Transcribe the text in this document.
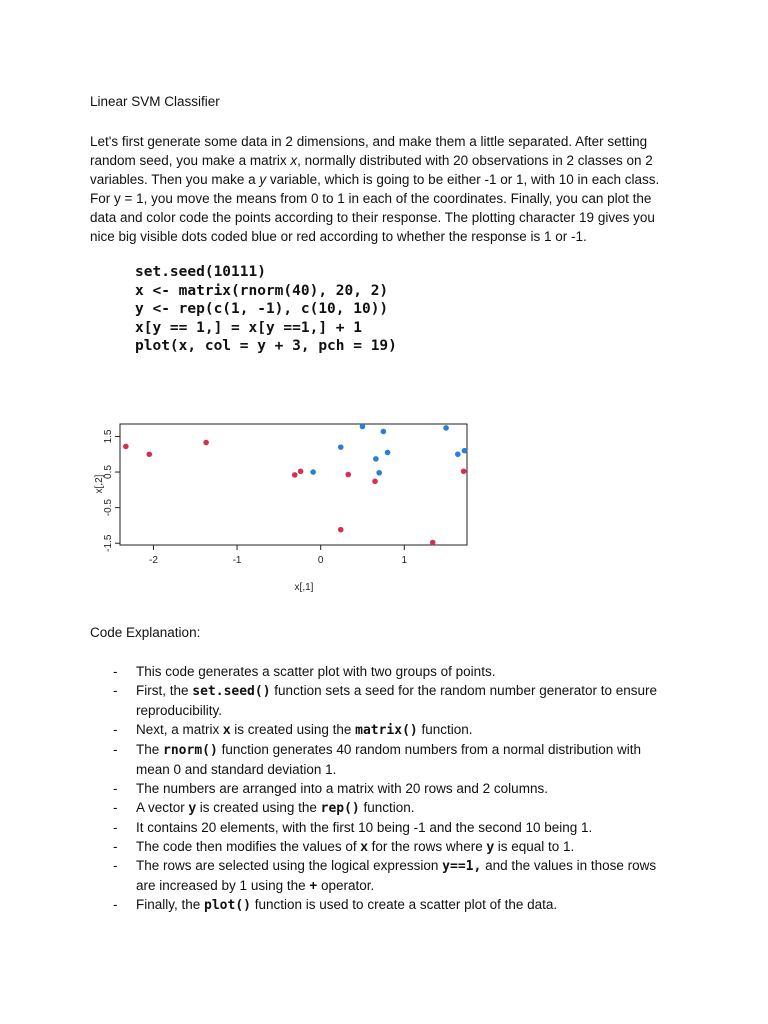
Linear SVM Classifier

Let's first generate some data in 2 dimensions, and make them a little separated. After setting random seed, you make a matrix x, normally distributed with 20 observations in 2 classes on 2 variables. Then you make a y variable, which is going to be either -1 or 1, with 10 in each class. For y = 1, you move the means from 0 to 1 in each of the coordinates. Finally, you can plot the data and color code the points according to their response. The plotting character 19 gives you nice big visible dots coded blue or red according to whether the response is 1 or -1.

set.seed(10111)
x <- matrix(rnorm(40), 20, 2)
y <- rep(c(1, -1), c(10, 10))
x[y == 1,] = x[y ==1,] + 1
plot(x, col = y + 3, pch = 19)
-2	-1	0	1
-1.5
-0.5
0.5
1.5
x[,1]
x[,2]
Code Explanation:
- This code generates a scatter plot with two groups of points.
- First, the set.seed() function sets a seed for the random number generator to ensure reproducibility.
- Next, a matrix x is created using the matrix() function.
- The rnorm() function generates 40 random numbers from a normal distribution with mean 0 and standard deviation 1.
- The numbers are arranged into a matrix with 20 rows and 2 columns.
- A vector y is created using the rep() function.
- It contains 20 elements, with the first 10 being -1 and the second 10 being 1.
- The code then modifies the values of x for the rows where y is equal to 1.
- The rows are selected using the logical expression y==1, and the values in those rows are increased by 1 using the + operator.
- Finally, the plot() function is used to create a scatter plot of the data.
